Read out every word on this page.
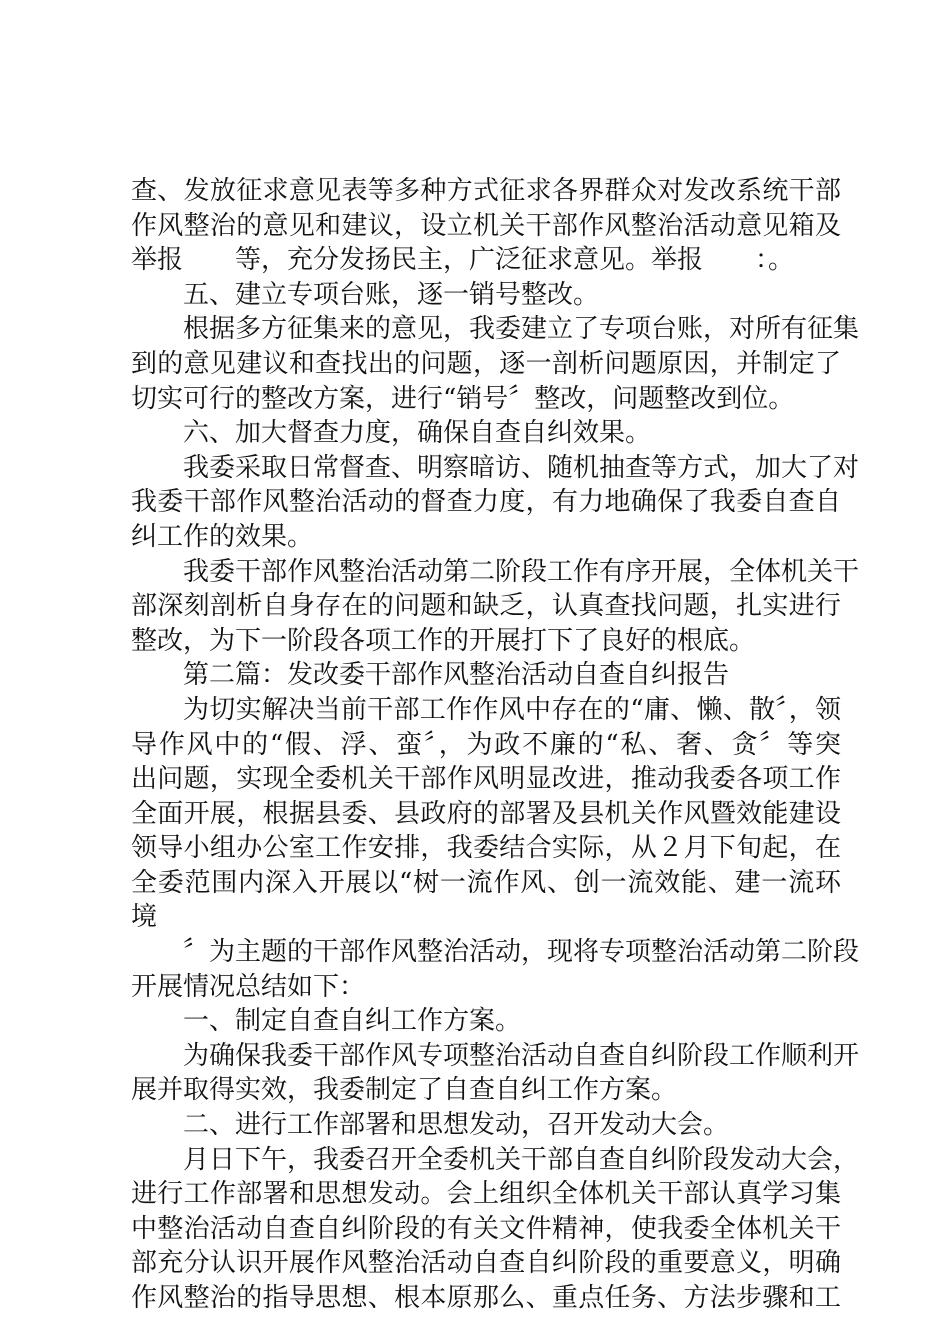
查、发放征求意见表等多种方式征求各界群众对发改系统干部
作风整治的意见和建议，设立机关干部作风整治活动意见箱及
举报　　等，充分发扬民主，广泛征求意见。举报　　：。
五、建立专项台账，逐一销号整改。
根据多方征集来的意见，我委建立了专项台账，对所有征集
到的意见建议和查找出的问题，逐一剖析问题原因，并制定了
切实可行的整改方案，进行“销号〞整改，问题整改到位。
六、加大督查力度，确保自查自纠效果。
我委采取日常督查、明察暗访、随机抽查等方式，加大了对
我委干部作风整治活动的督查力度，有力地确保了我委自查自
纠工作的效果。
我委干部作风整治活动第二阶段工作有序开展，全体机关干
部深刻剖析自身存在的问题和缺乏，认真查找问题，扎实进行
整改，为下一阶段各项工作的开展打下了良好的根底。
第二篇：发改委干部作风整治活动自查自纠报告
为切实解决当前干部工作作风中存在的“庸、懒、散〞，领
导作风中的“假、浮、蛮〞，为政不廉的“私、奢、贪〞等突
出问题，实现全委机关干部作风明显改进，推动我委各项工作
全面开展，根据县委、县政府的部署及县机关作风暨效能建设
领导小组办公室工作安排，我委结合实际，从２月下旬起，在
全委范围内深入开展以“树一流作风、创一流效能、建一流环
境
〞为主题的干部作风整治活动，现将专项整治活动第二阶段
开展情况总结如下：
一、制定自查自纠工作方案。
为确保我委干部作风专项整治活动自查自纠阶段工作顺利开
展并取得实效，我委制定了自查自纠工作方案。
二、进行工作部署和思想发动，召开发动大会。
月日下午，我委召开全委机关干部自查自纠阶段发动大会，
进行工作部署和思想发动。会上组织全体机关干部认真学习集
中整治活动自查自纠阶段的有关文件精神，使我委全体机关干
部充分认识开展作风整治活动自查自纠阶段的重要意义，明确
作风整治的指导思想、根本原那么、重点任务、方法步骤和工
